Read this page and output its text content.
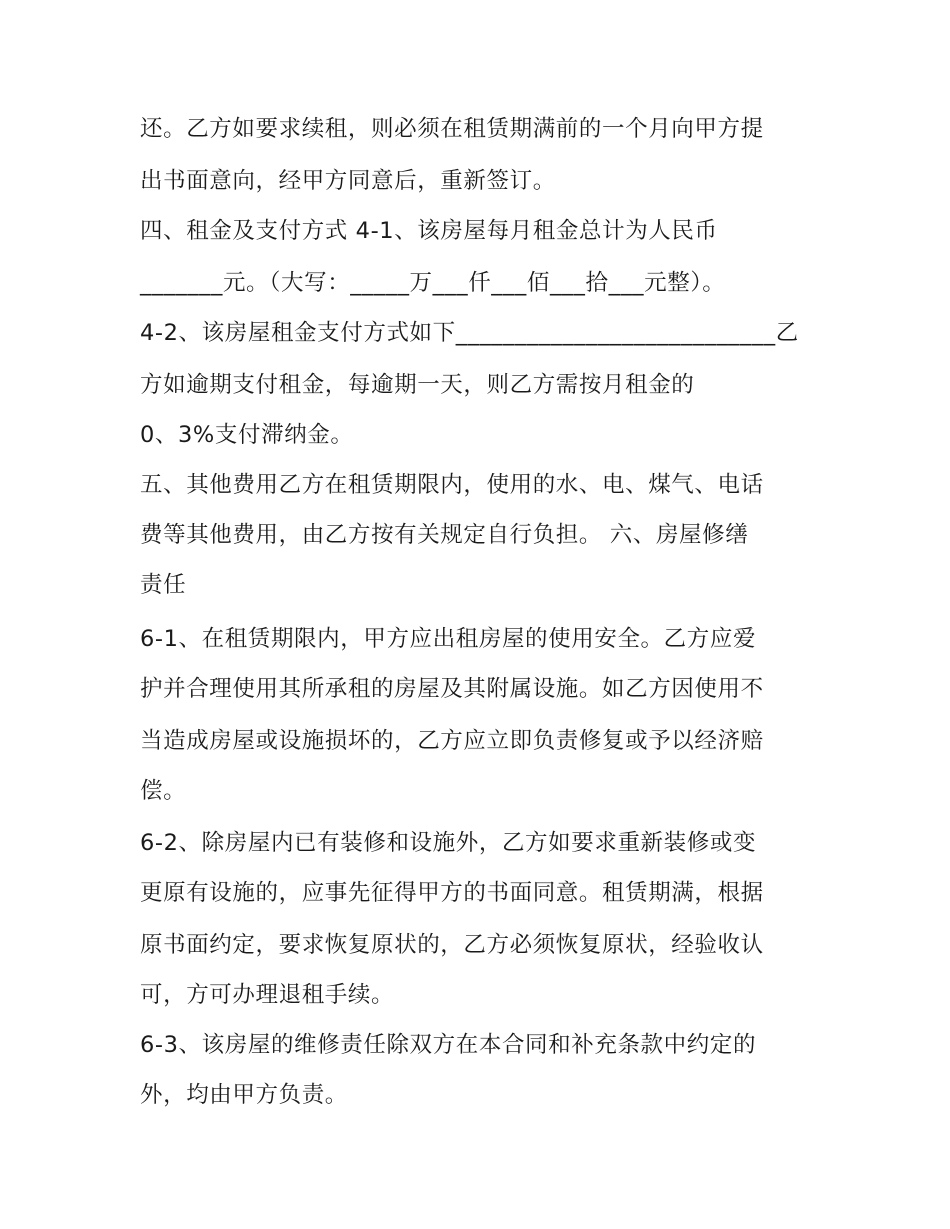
还。乙方如要求续租，则必须在租赁期满前的一个月向甲方提
出书面意向，经甲方同意后，重新签订。
四、租金及支付方式 4-1、该房屋每月租金总计为人民币
_______元。（大写：_____万___仟___佰___拾___元整）。
4-2、该房屋租金支付方式如下___________________________乙
方如逾期支付租金，每逾期一天，则乙方需按月租金的
0、3%支付滞纳金。
五、其他费用乙方在租赁期限内，使用的水、电、煤气、电话
费等其他费用，由乙方按有关规定自行负担。 六、房屋修缮
责任
6-1、在租赁期限内，甲方应出租房屋的使用安全。乙方应爱
护并合理使用其所承租的房屋及其附属设施。如乙方因使用不
当造成房屋或设施损坏的，乙方应立即负责修复或予以经济赔
偿。
6-2、除房屋内已有装修和设施外，乙方如要求重新装修或变
更原有设施的，应事先征得甲方的书面同意。租赁期满，根据
原书面约定，要求恢复原状的，乙方必须恢复原状，经验收认
可，方可办理退租手续。
6-3、该房屋的维修责任除双方在本合同和补充条款中约定的
外，均由甲方负责。
